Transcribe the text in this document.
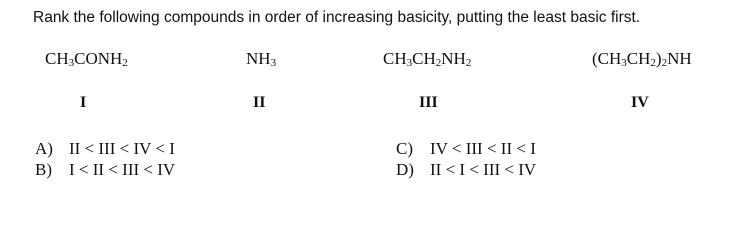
Rank the following compounds in order of increasing basicity, putting the least basic first.
$CH_3CONH_2$	$NH_3$	$CH_3CH_2NH_2$	$(CH_3CH_2)_2NH$
I	II	III	IV
A) II < III < IV < I
B) I < II < III < IV
C) IV < III < II < I
D) II < I < III < IV
